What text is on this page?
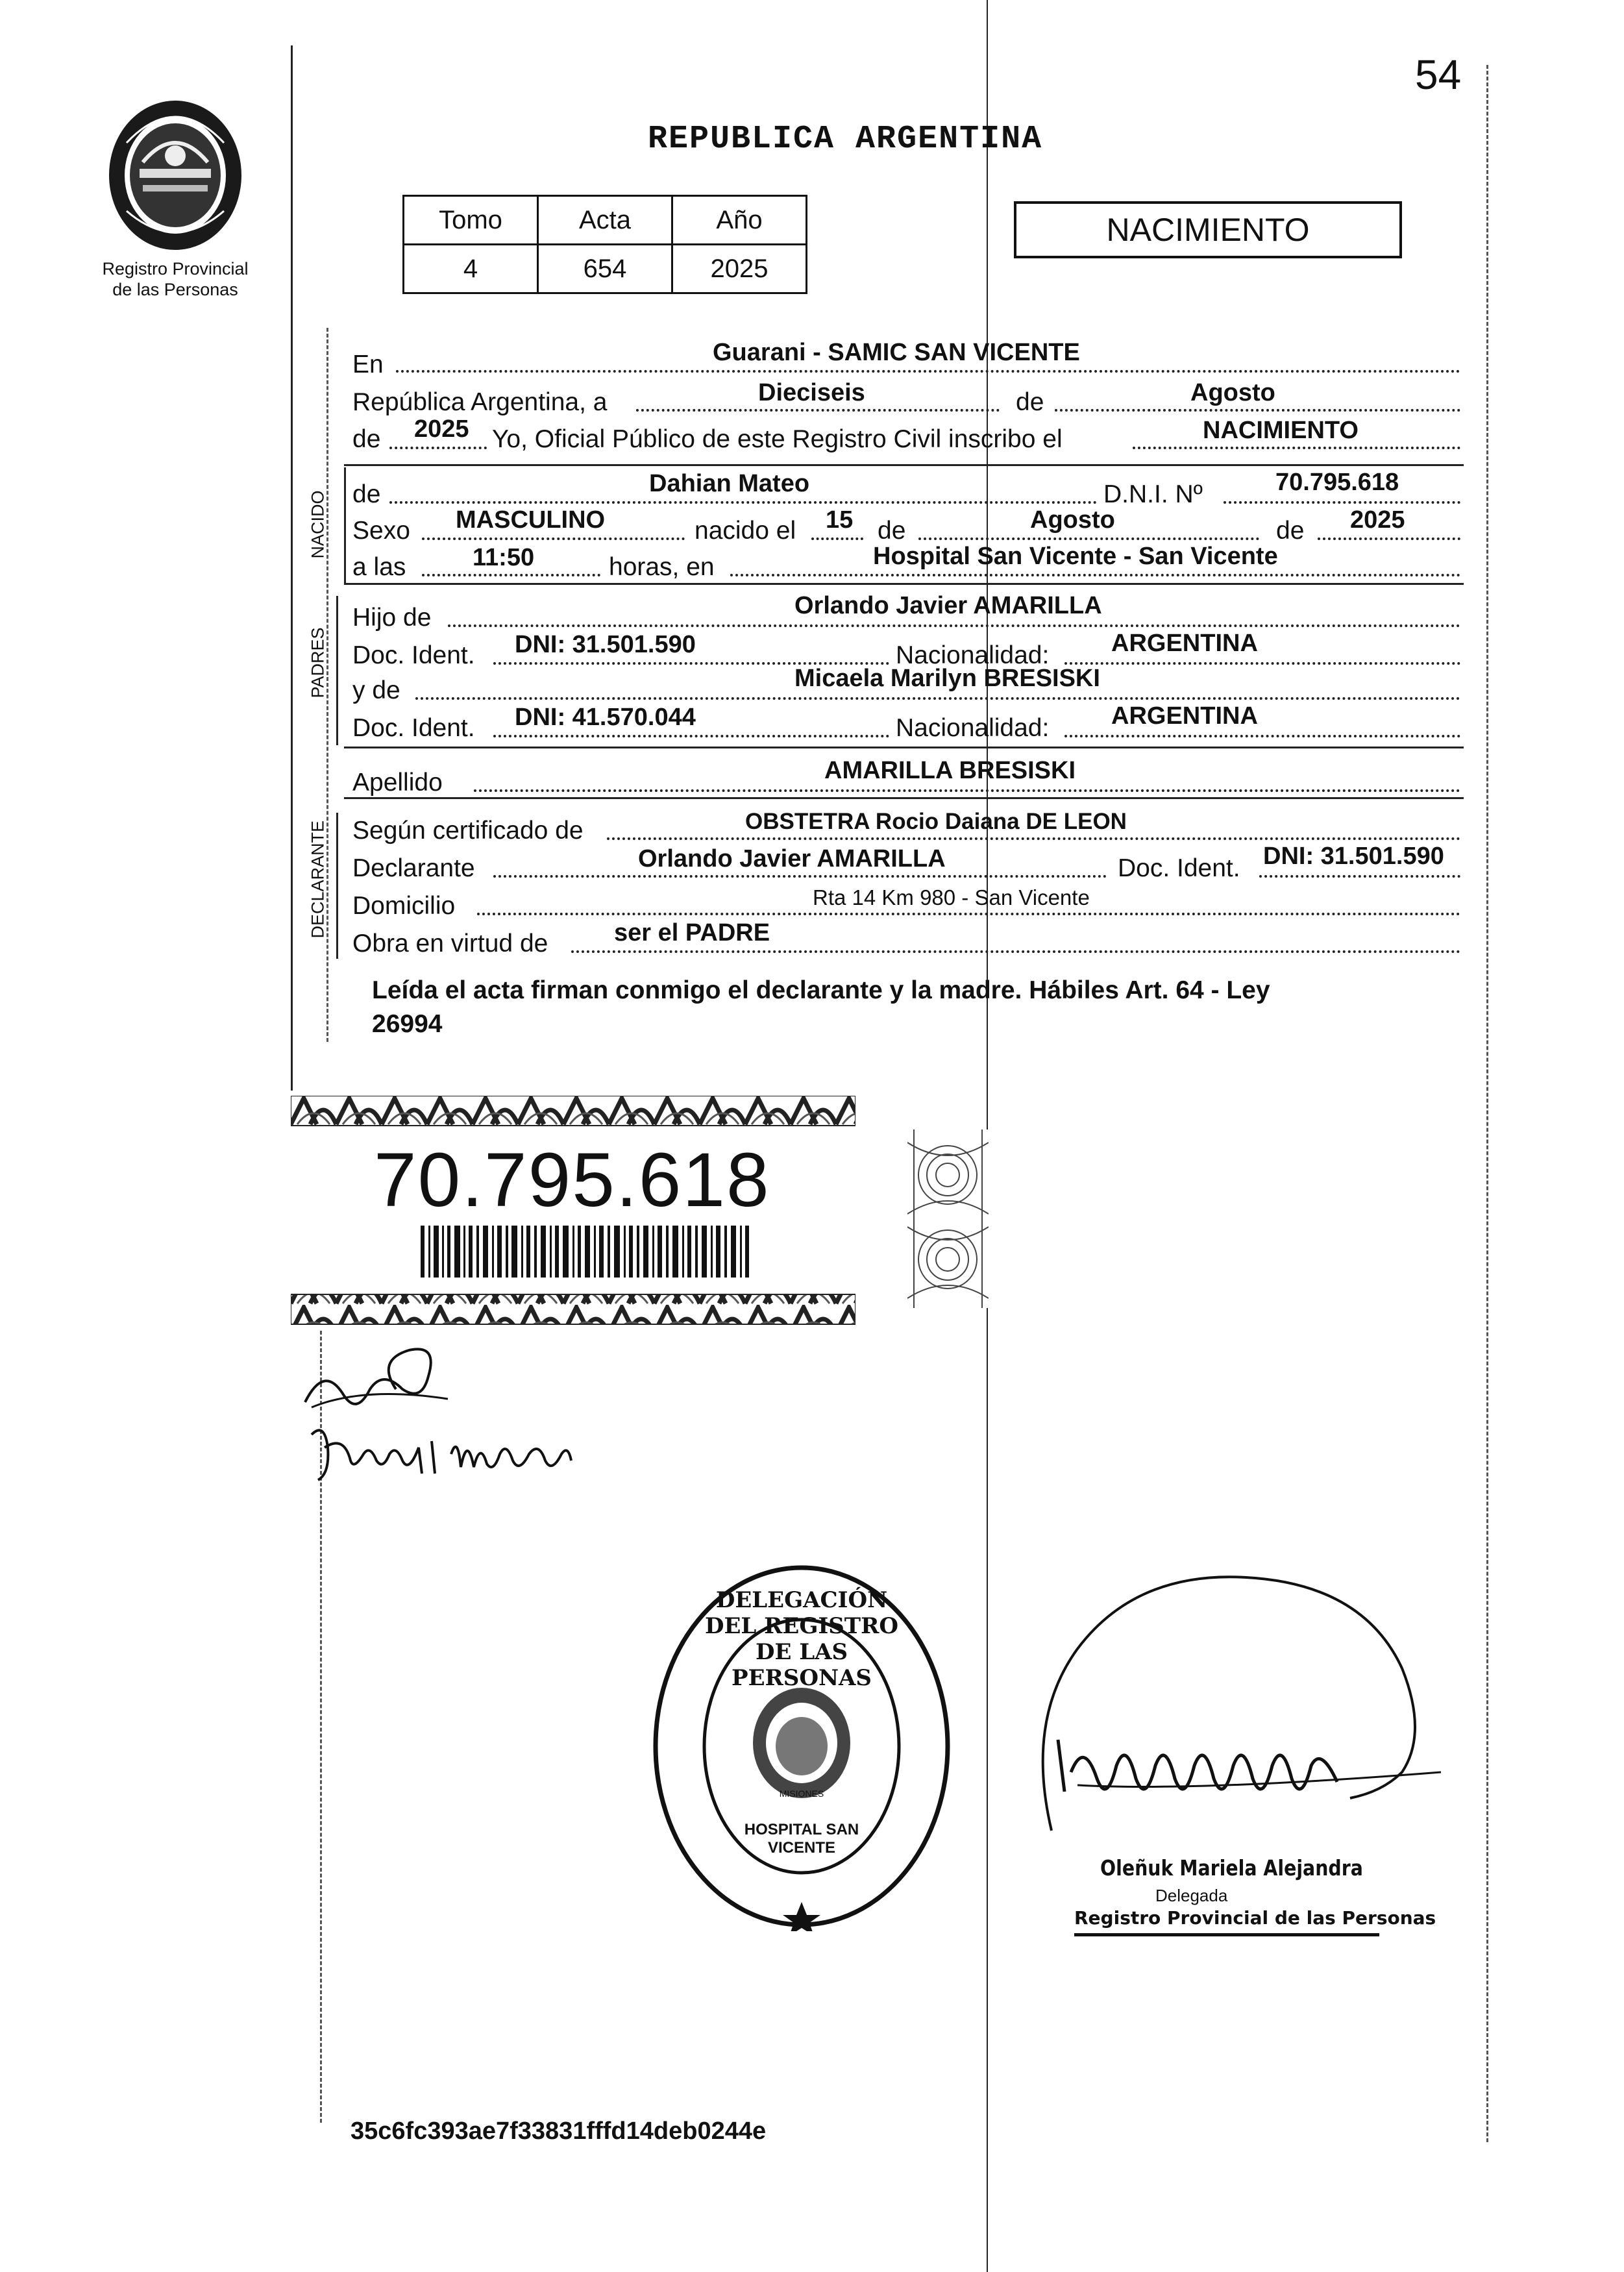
54
Registro Provincial
de las Personas
REPUBLICA ARGENTINA
Tomo	Acta	Año
4	654	2025
NACIMIENTO
En	Guarani - SAMIC SAN VICENTE
República Argentina, a	Dieciseis	de	Agosto
de 2025 Yo, Oficial Público de este Registro Civil inscribo el	NACIMIENTO
NACIDO de	Dahian Mateo	D.N.I. Nº	70.795.618
Sexo MASCULINO	nacido el 15 de	Agosto	de 2025
a las	11:50	horas, en	Hospital San Vicente - San Vicente
PADRES
Hijo de	Orlando Javier AMARILLA
Doc. Ident. DNI: 31.501.590	Nacionalidad:	ARGENTINA
y de	Micaela Marilyn BRESISKI
Doc. Ident. DNI: 41.570.044	Nacionalidad:	ARGENTINA
Apellido	AMARILLA BRESISKI
DECLARANTE Según certificado de	OBSTETRA Rocio Daiana DE LEON
Declarante	Orlando Javier AMARILLA	Doc. Ident. DNI: 31.501.590
Domicilio	Rta 14 Km 980 - San Vicente
Obra en virtud de	ser el PADRE
Leída el acta firman conmigo el declarante y la madre. Hábiles Art. 64 - Ley
26994
70.795.618
DELEGACIÓN DEL REGISTRO DE LAS PERSONAS
HOSPITAL SAN VICENTE
MISIONES
Oleñuk Mariela Alejandra
Delegada
Registro Provincial de las Personas
35c6fc393ae7f33831fffd14deb0244e
